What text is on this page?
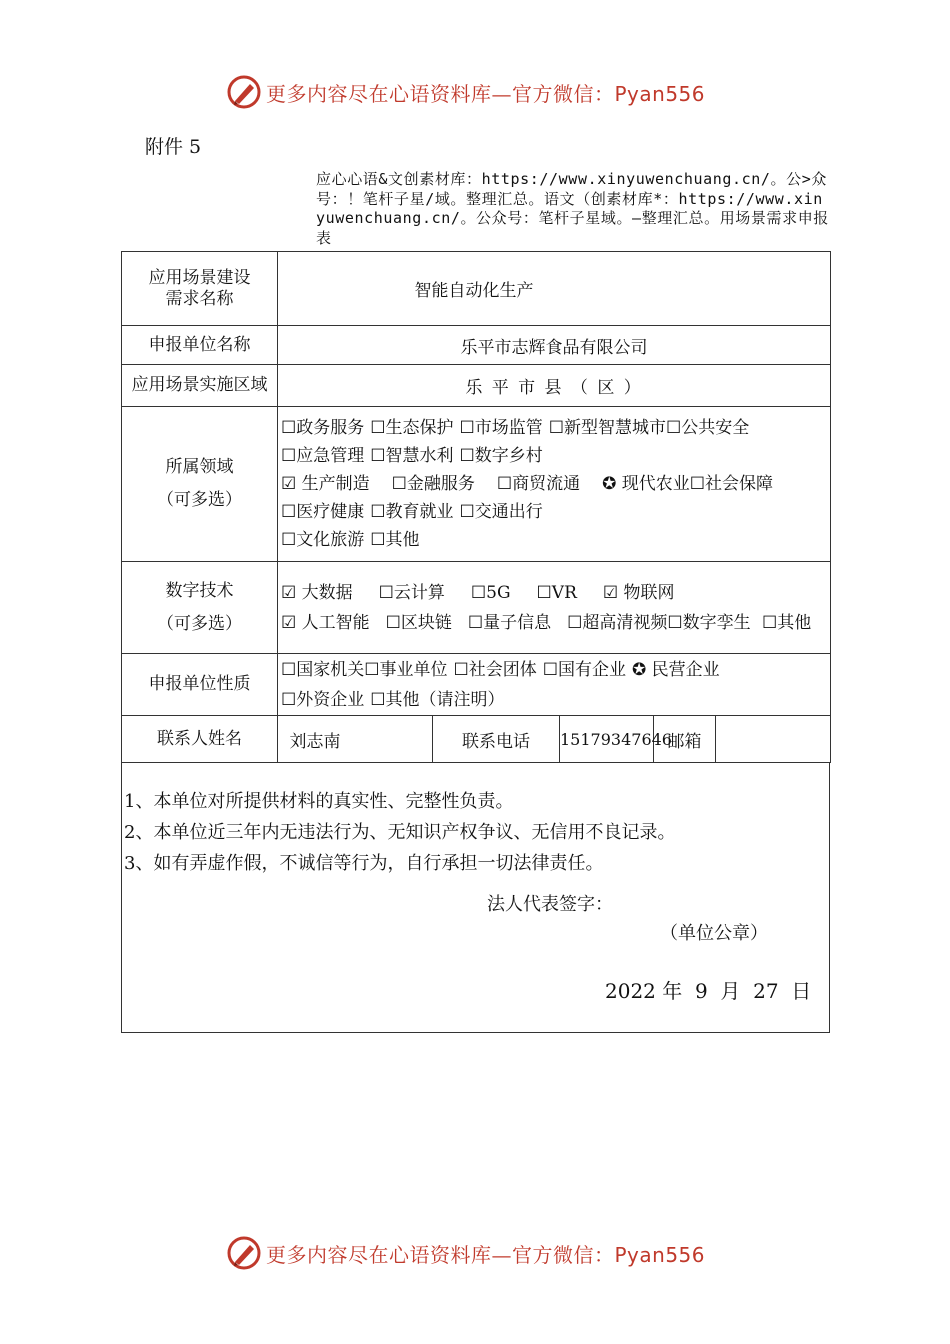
更多内容尽在心语资料库—官方微信：Pyan556
附件 5
应心心语&文创素材库：https://www.xinyuwenchuang.cn/。公>众号：！笔杆子星/域。整理汇总。语文（创素材库*：https://www.xinyuwenchuang.cn/。公众号：笔杆子星域。—整理汇总。用场景需求申报表
应用场景建设需求名称	智能自动化生产				
申报单位名称	乐平市志辉食品有限公司				
应用场景实施区域	乐 平 市 县 （ 区 ）				
所属领域
（可多选）	☐政务服务 ☐生态保护 ☐市场监管 ☐新型智慧城市☐公共安全 ☐应急管理 ☐智慧水利 ☐数字乡村
☑ 生产制造 ☐金融服务 ☐商贸流通 ✪ 现代农业☐社会保障 ☐医疗健康 ☐教育就业 ☐交通出行
☐文化旅游 ☐其他				
数字技术
（可多选）	☑ 大数据 ☐云计算 ☐5G ☐VR ☑ 物联网
☑ 人工智能 ☐区块链 ☐量子信息 ☐超高清视频☐数字孪生 ☐其他				
申报单位性质	☐国家机关☐事业单位 ☐社会团体 ☐国有企业 ✪ 民营企业
☐外资企业 ☐其他（请注明）				
联系人姓名	刘志南	联系电话	15179347646	邮箱	
1、本单位对所提供材料的真实性、完整性负责。
2、本单位近三年内无违法行为、无知识产权争议、无信用不良记录。
3、如有弄虚作假，不诚信等行为，自行承担一切法律责任。
法人代表签字：
（单位公章）
2022 年  9  月  27  日
更多内容尽在心语资料库—官方微信：Pyan556
